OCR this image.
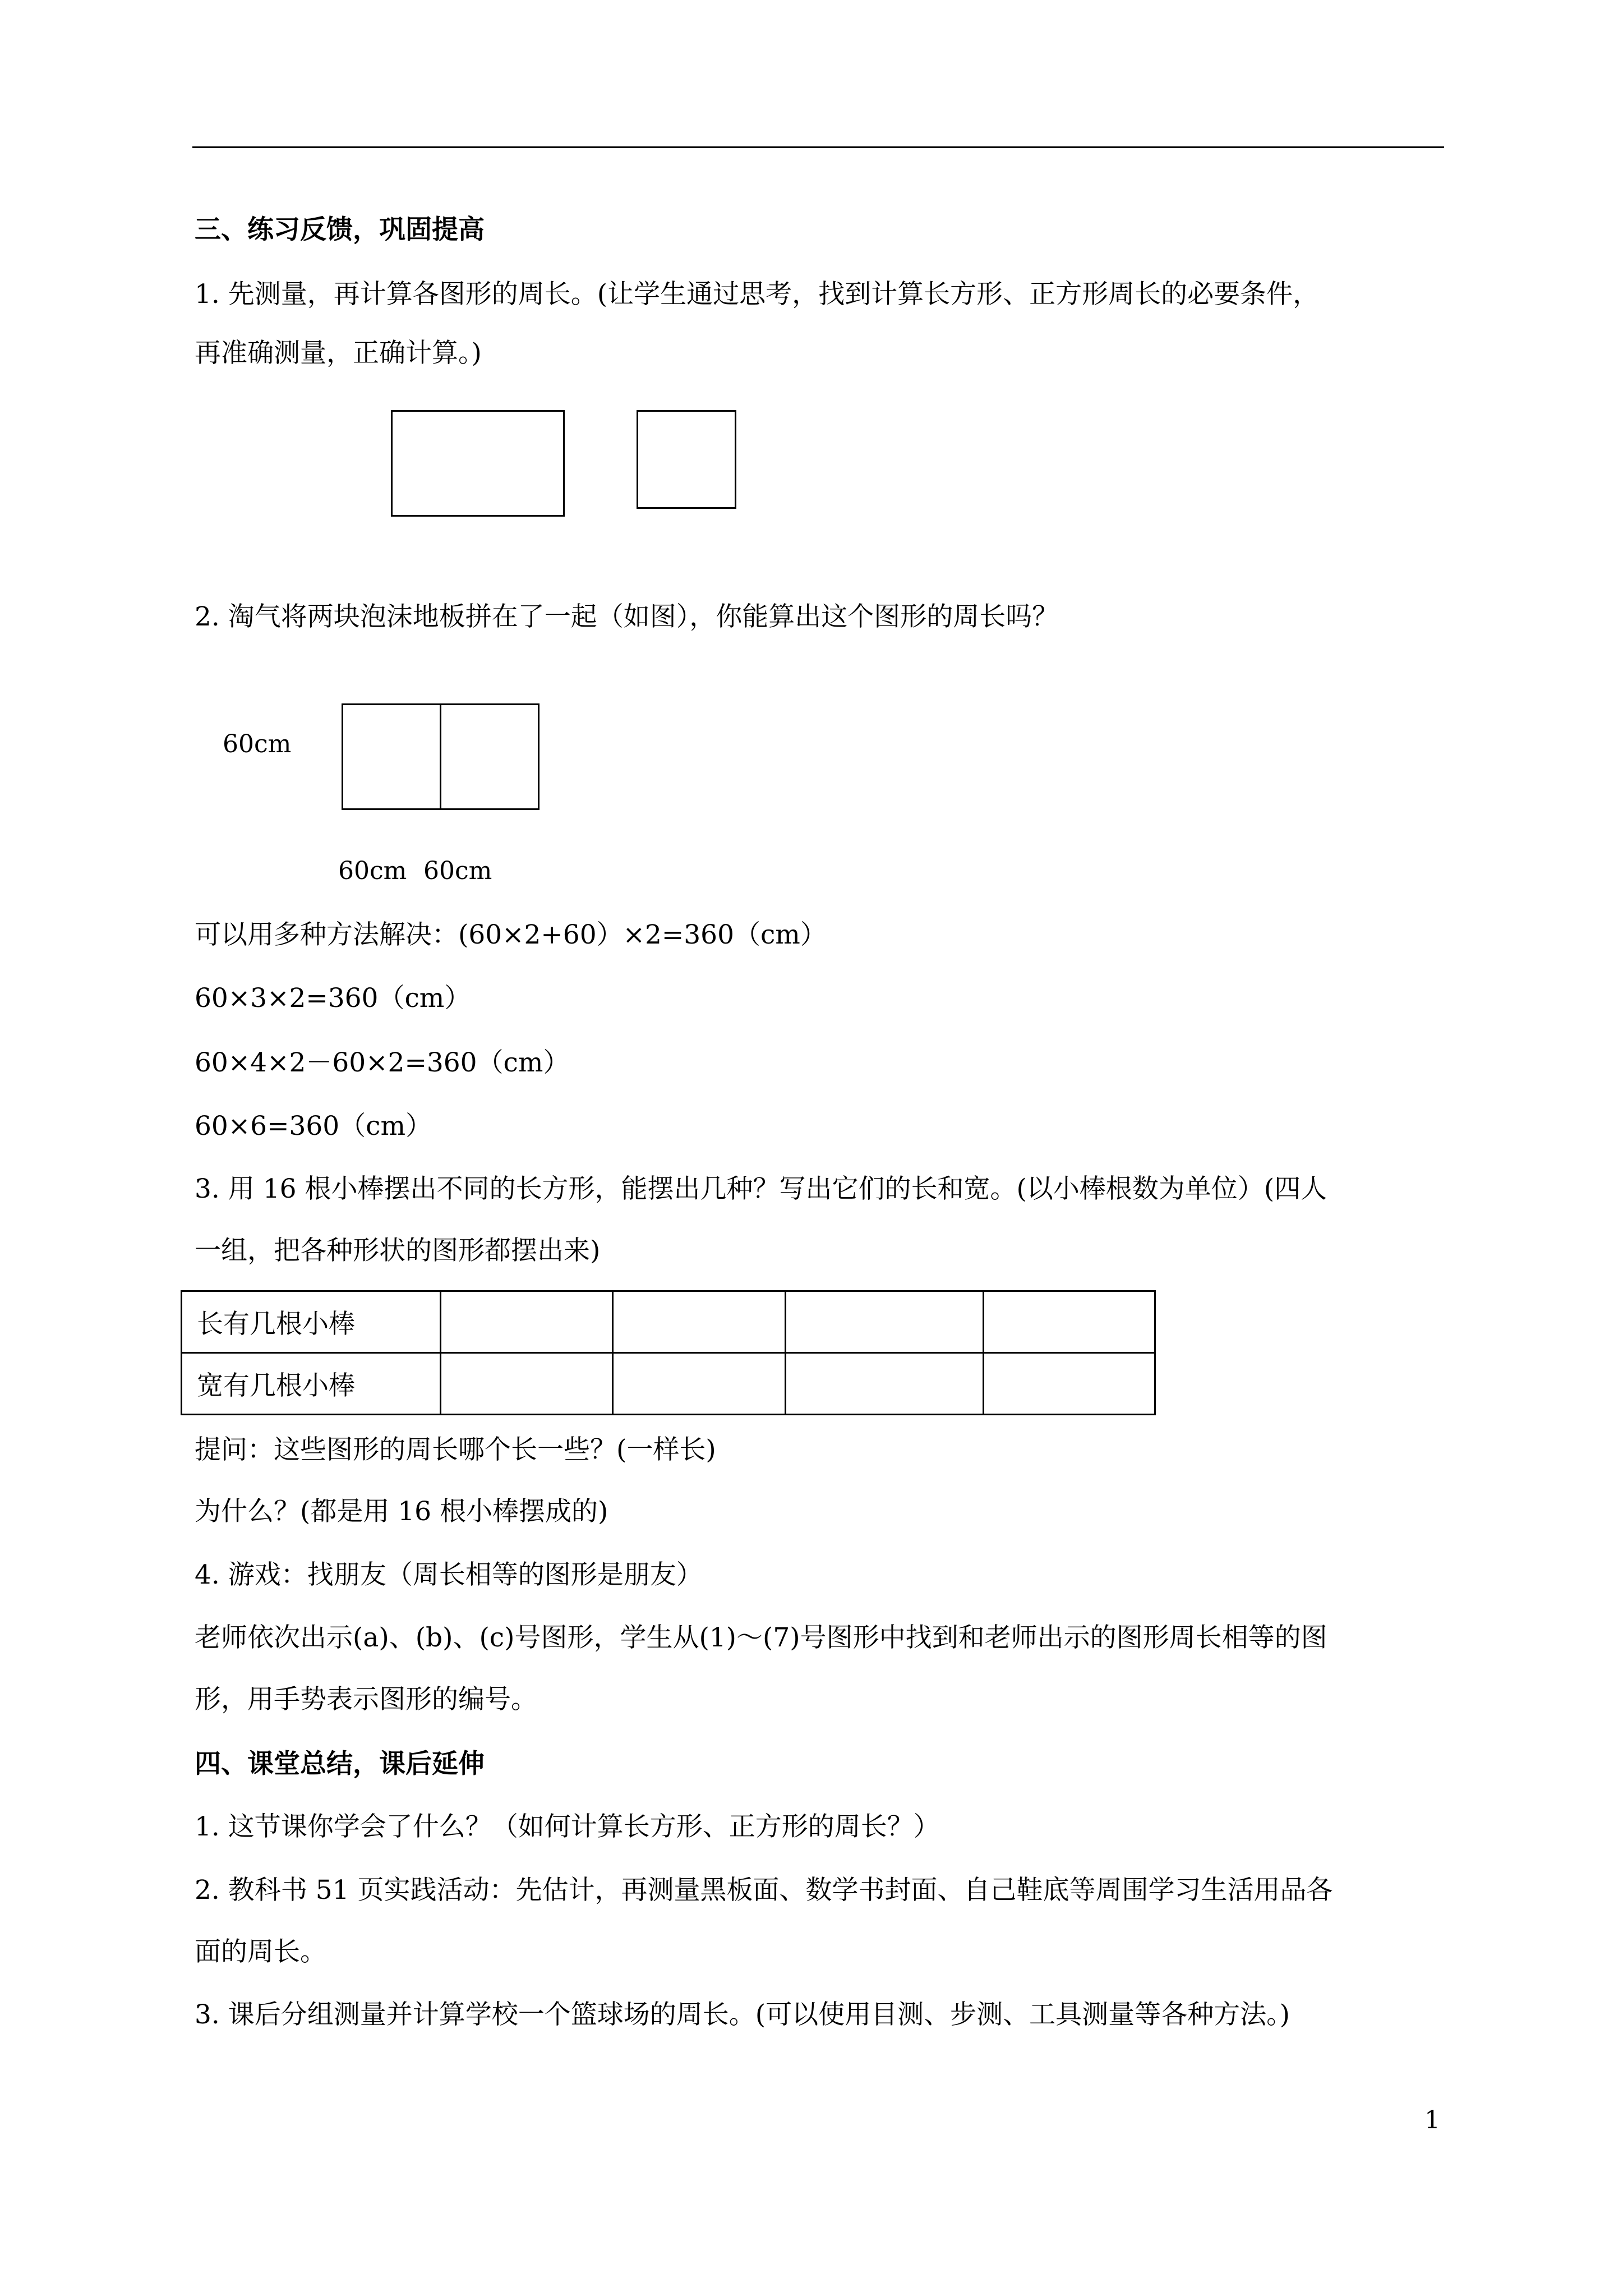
三、练习反馈，巩固提高
1. 先测量，再计算各图形的周长。(让学生通过思考，找到计算长方形、正方形周长的必要条件，
再准确测量，正确计算。)
2. 淘气将两块泡沫地板拼在了一起（如图），你能算出这个图形的周长吗？
60cm
60cm 60cm
可以用多种方法解决：(60×2+60）×2=360（cm）
60×3×2=360（cm）
60×4×2－60×2=360（cm）
60×6=360（cm）
3. 用 16 根小棒摆出不同的长方形，能摆出几种？写出它们的长和宽。(以小棒根数为单位）(四人
一组，把各种形状的图形都摆出来)
长有几根小棒				
宽有几根小棒				
提问：这些图形的周长哪个长一些？(一样长)
为什么？(都是用 16 根小棒摆成的)
4. 游戏：找朋友（周长相等的图形是朋友）
老师依次出示(a)、(b)、(c)号图形，学生从(1)～(7)号图形中找到和老师出示的图形周长相等的图
形，用手势表示图形的编号。
四、课堂总结，课后延伸
1. 这节课你学会了什么？（如何计算长方形、正方形的周长？）
2. 教科书 51 页实践活动：先估计，再测量黑板面、数学书封面、自己鞋底等周围学习生活用品各
面的周长。
3. 课后分组测量并计算学校一个篮球场的周长。(可以使用目测、步测、工具测量等各种方法。)
1
